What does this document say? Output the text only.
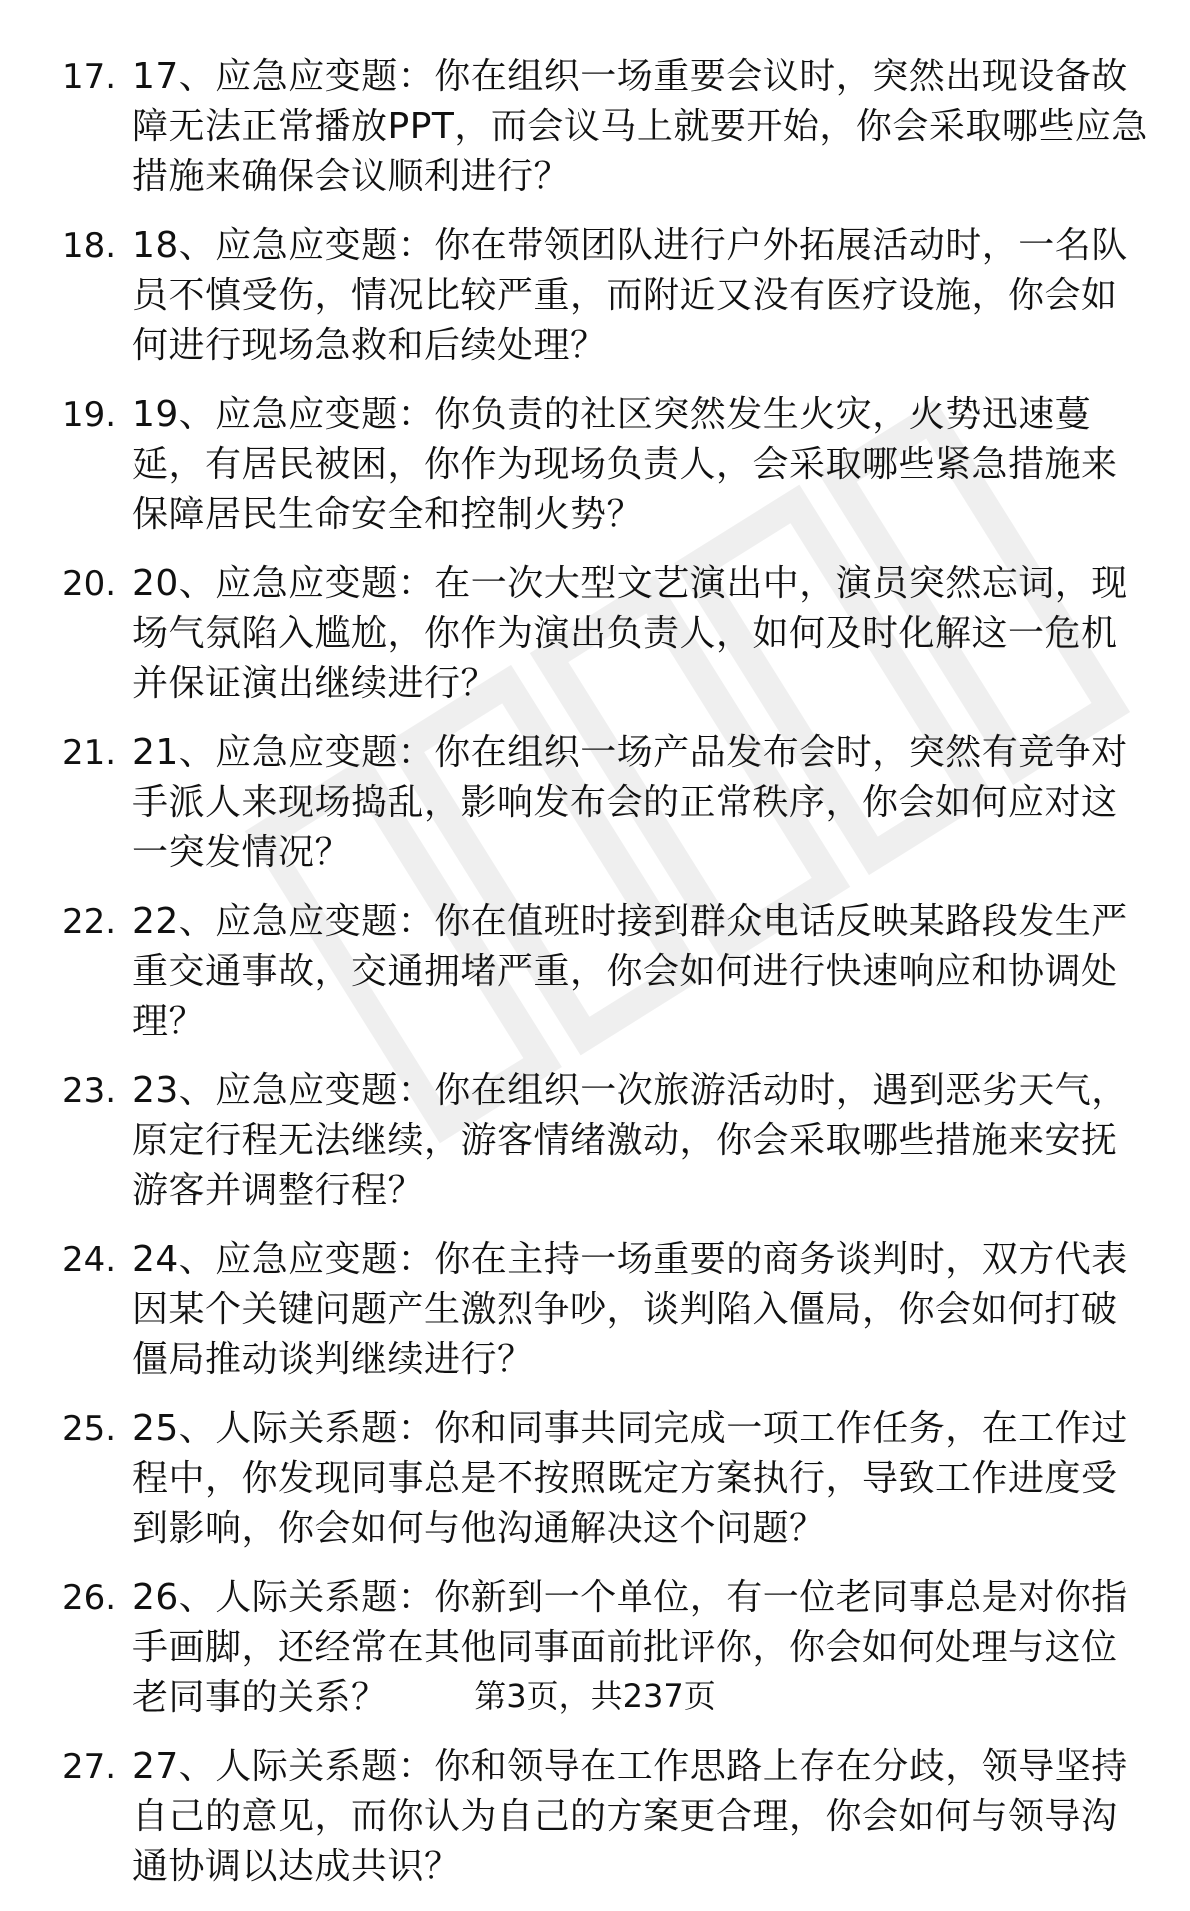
17. 17、应急应变题：你在组织一场重要会议时，突然出现设备故障无法正常播放PPT，而会议马上就要开始，你会采取哪些应急措施来确保会议顺利进行？
18. 18、应急应变题：你在带领团队进行户外拓展活动时，一名队员不慎受伤，情况比较严重，而附近又没有医疗设施，你会如何进行现场急救和后续处理？
19. 19、应急应变题：你负责的社区突然发生火灾，火势迅速蔓延，有居民被困，你作为现场负责人，会采取哪些紧急措施来保障居民生命安全和控制火势？
20. 20、应急应变题：在一次大型文艺演出中，演员突然忘词，现场气氛陷入尴尬，你作为演出负责人，如何及时化解这一危机并保证演出继续进行？
21. 21、应急应变题：你在组织一场产品发布会时，突然有竞争对手派人来现场捣乱，影响发布会的正常秩序，你会如何应对这一突发情况？
22. 22、应急应变题：你在值班时接到群众电话反映某路段发生严重交通事故，交通拥堵严重，你会如何进行快速响应和协调处理？
23. 23、应急应变题：你在组织一次旅游活动时，遇到恶劣天气，原定行程无法继续，游客情绪激动，你会采取哪些措施来安抚游客并调整行程？
24. 24、应急应变题：你在主持一场重要的商务谈判时，双方代表因某个关键问题产生激烈争吵，谈判陷入僵局，你会如何打破僵局推动谈判继续进行？
25. 25、人际关系题：你和同事共同完成一项工作任务，在工作过程中，你发现同事总是不按照既定方案执行，导致工作进度受到影响，你会如何与他沟通解决这个问题？
26. 26、人际关系题：你新到一个单位，有一位老同事总是对你指手画脚，还经常在其他同事面前批评你，你会如何处理与这位老同事的关系？
27. 27、人际关系题：你和领导在工作思路上存在分歧，领导坚持自己的意见，而你认为自己的方案更合理，你会如何与领导沟通协调以达成共识？
第3页，共237页
